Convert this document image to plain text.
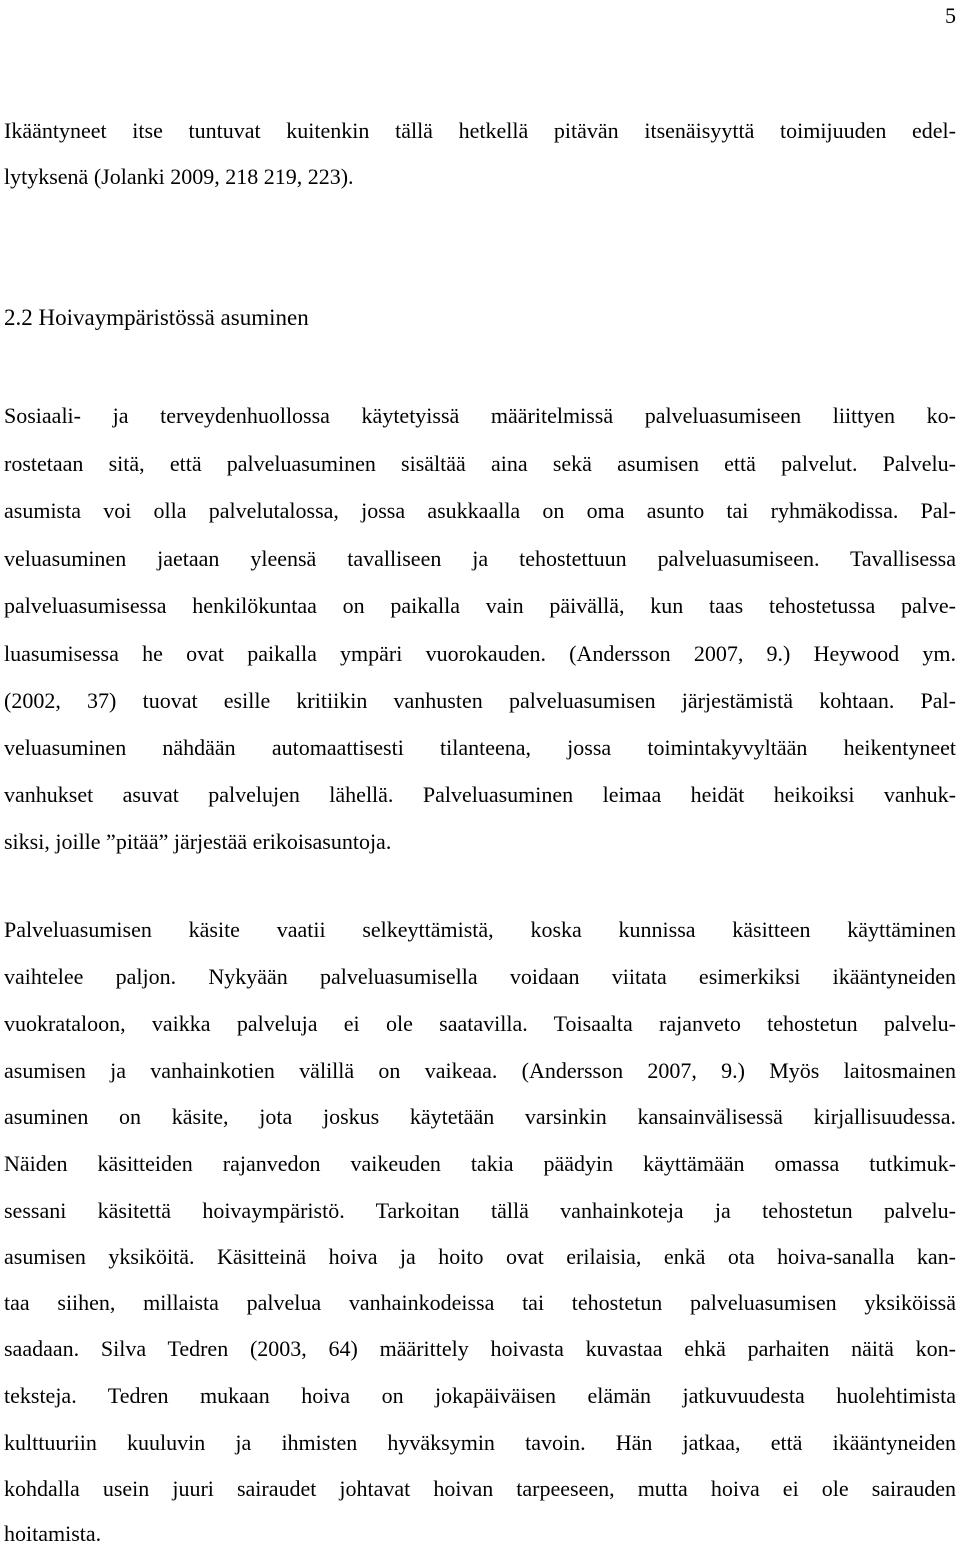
5
Ikääntyneet itse tuntuvat kuitenkin tällä hetkellä pitävän itsenäisyyttä toimijuuden edel-
lytyksenä (Jolanki 2009, 218 219, 223).
2.2 Hoivaympäristössä asuminen
Sosiaali- ja terveydenhuollossa käytetyissä määritelmissä palveluasumiseen liittyen ko-
rostetaan sitä, että palveluasuminen sisältää aina sekä asumisen että palvelut. Palvelu-
asumista voi olla palvelutalossa, jossa asukkaalla on oma asunto tai ryhmäkodissa. Pal-
veluasuminen jaetaan yleensä tavalliseen ja tehostettuun palveluasumiseen. Tavallisessa
palveluasumisessa henkilökuntaa on paikalla vain päivällä, kun taas tehostetussa palve-
luasumisessa he ovat paikalla ympäri vuorokauden. (Andersson 2007, 9.) Heywood ym.
(2002, 37) tuovat esille kritiikin vanhusten palveluasumisen järjestämistä kohtaan. Pal-
veluasuminen nähdään automaattisesti tilanteena, jossa toimintakyvyltään heikentyneet
vanhukset asuvat palvelujen lähellä. Palveluasuminen leimaa heidät heikoiksi vanhuk-
siksi, joille ”pitää” järjestää erikoisasuntoja.
Palveluasumisen käsite vaatii selkeyttämistä, koska kunnissa käsitteen käyttäminen
vaihtelee paljon. Nykyään palveluasumisella voidaan viitata esimerkiksi ikääntyneiden
vuokrataloon, vaikka palveluja ei ole saatavilla. Toisaalta rajanveto tehostetun palvelu-
asumisen ja vanhainkotien välillä on vaikeaa. (Andersson 2007, 9.) Myös laitosmainen
asuminen on käsite, jota joskus käytetään varsinkin kansainvälisessä kirjallisuudessa.
Näiden käsitteiden rajanvedon vaikeuden takia päädyin käyttämään omassa tutkimuk-
sessani käsitettä hoivaympäristö. Tarkoitan tällä vanhainkoteja ja tehostetun palvelu-
asumisen yksiköitä. Käsitteinä hoiva ja hoito ovat erilaisia, enkä ota hoiva-sanalla kan-
taa siihen, millaista palvelua vanhainkodeissa tai tehostetun palveluasumisen yksiköissä
saadaan. Silva Tedren (2003, 64) määrittely hoivasta kuvastaa ehkä parhaiten näitä kon-
teksteja. Tedren mukaan hoiva on jokapäiväisen elämän jatkuvuudesta huolehtimista
kulttuuriin kuuluvin ja ihmisten hyväksymin tavoin. Hän jatkaa, että ikääntyneiden
kohdalla usein juuri sairaudet johtavat hoivan tarpeeseen, mutta hoiva ei ole sairauden
hoitamista.
